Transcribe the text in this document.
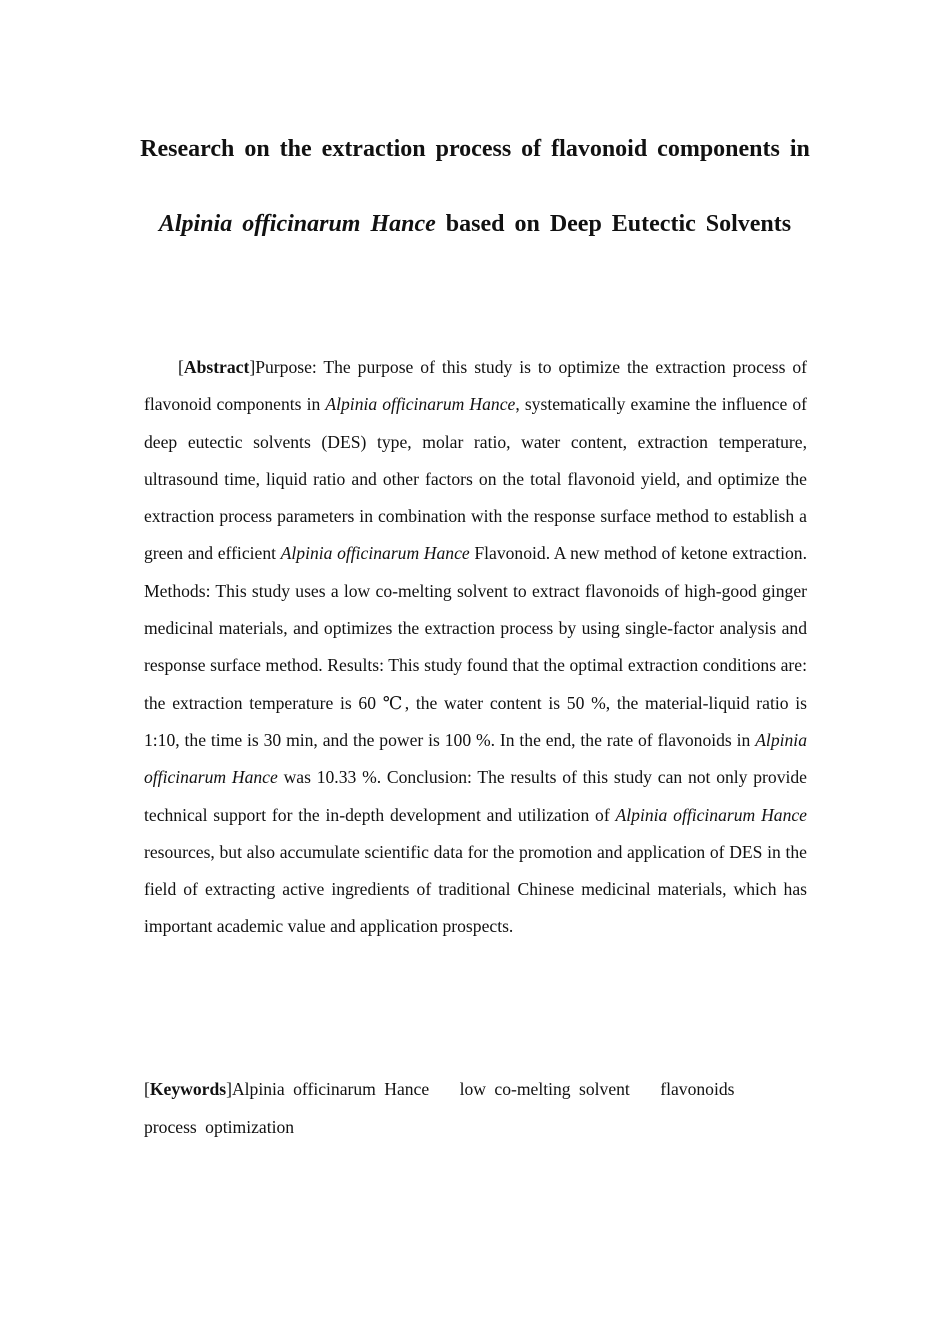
Research on the extraction process of flavonoid components in Alpinia officinarum Hance based on Deep Eutectic Solvents

[Abstract]Purpose: The purpose of this study is to optimize the extraction process of flavonoid components in Alpinia officinarum Hance, systematically examine the influence of deep eutectic solvents (DES) type, molar ratio, water content, extraction temperature, ultrasound time, liquid ratio and other factors on the total flavonoid yield, and optimize the extraction process parameters in combination with the response surface method to establish a green and efficient Alpinia officinarum Hance Flavonoid. A new method of ketone extraction. Methods: This study uses a low co-melting solvent to extract flavonoids of high-good ginger medicinal materials, and optimizes the extraction process by using single-factor analysis and response surface method. Results: This study found that the optimal extraction conditions are: the extraction temperature is 60 ℃, the water content is 50 %, the material-liquid ratio is 1:10, the time is 30 min, and the power is 100 %. In the end, the rate of flavonoids in Alpinia officinarum Hance was 10.33 %. Conclusion: The results of this study can not only provide technical support for the in-depth development and utilization of Alpinia officinarum Hance resources, but also accumulate scientific data for the promotion and application of DES in the field of extracting active ingredients of traditional Chinese medicinal materials, which has important academic value and application prospects.

[Keywords]Alpinia officinarum Hance low co-melting solvent flavonoids process optimization
